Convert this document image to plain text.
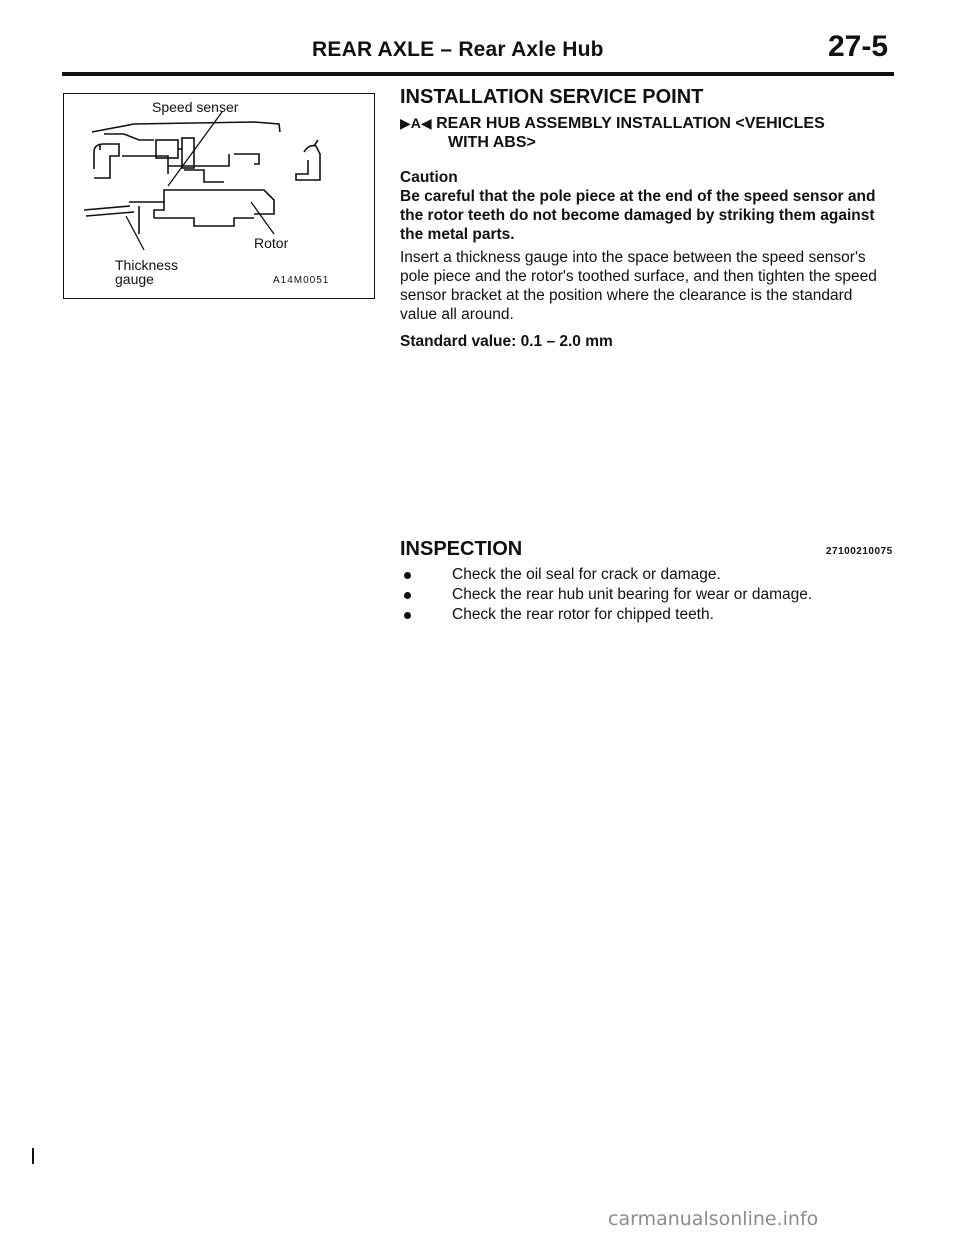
REAR AXLE – Rear Axle Hub	27-5
Speed senser
Rotor
Thickness
gauge	A14M0051
INSTALLATION SERVICE POINT
▶A◀ REAR HUB ASSEMBLY INSTALLATION <VEHICLES
WITH ABS>
Caution
Be careful that the pole piece at the end of the speed sensor and the rotor teeth do not become damaged by striking them against the metal parts.
Insert a thickness gauge into the space between the speed sensor's pole piece and the rotor's toothed surface, and then tighten the speed sensor bracket at the position where the clearance is the standard value all around.
Standard value: 0.1 – 2.0 mm
INSPECTION	27100210075
Check the oil seal for crack or damage.
Check the rear hub unit bearing for wear or damage.
Check the rear rotor for chipped teeth.
carmanualsonline.info
